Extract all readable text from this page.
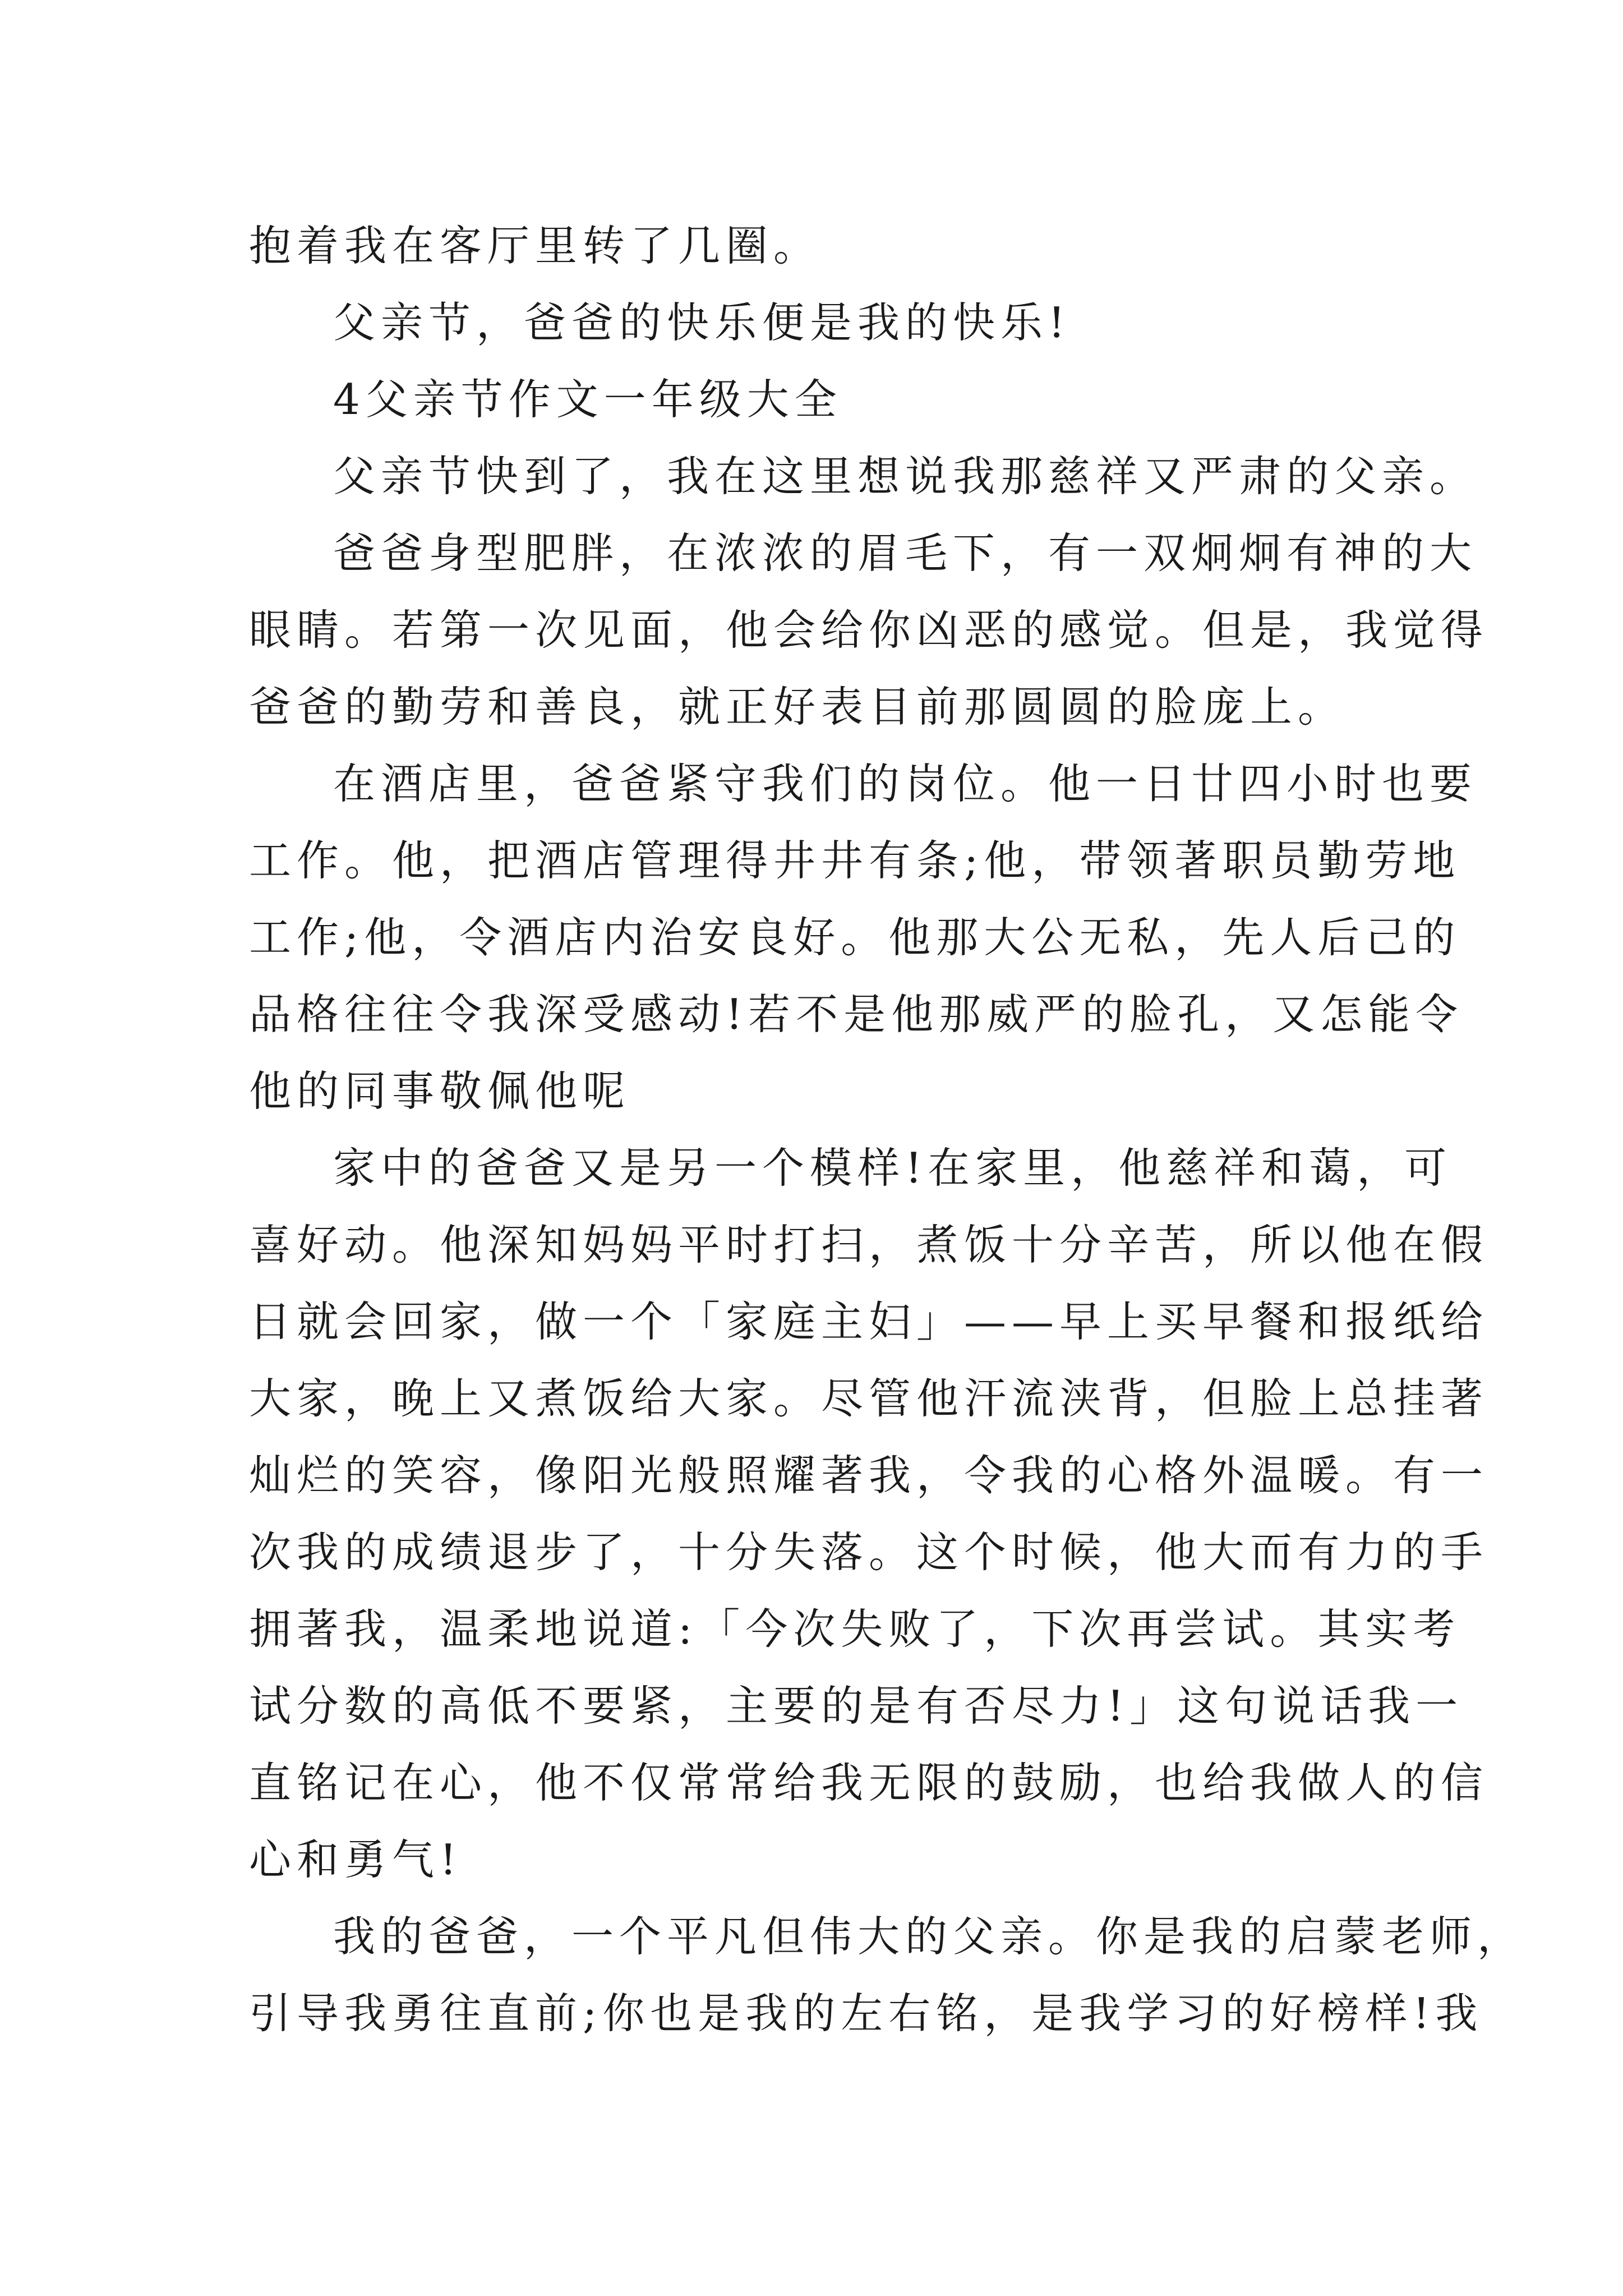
抱着我在客厅里转了几圈。
父亲节，爸爸的快乐便是我的快乐!
4父亲节作文一年级大全
父亲节快到了，我在这里想说我那慈祥又严肃的父亲。
爸爸身型肥胖，在浓浓的眉毛下，有一双炯炯有神的大
眼睛。若第一次见面，他会给你凶恶的感觉。但是，我觉得
爸爸的勤劳和善良，就正好表目前那圆圆的脸庞上。
在酒店里，爸爸紧守我们的岗位。他一日廿四小时也要
工作。他，把酒店管理得井井有条;他，带领著职员勤劳地
工作;他，令酒店内治安良好。他那大公无私，先人后己的
品格往往令我深受感动!若不是他那威严的脸孔，又怎能令
他的同事敬佩他呢
家中的爸爸又是另一个模样!在家里，他慈祥和蔼，可
喜好动。他深知妈妈平时打扫，煮饭十分辛苦，所以他在假
日就会回家，做一个「家庭主妇」——早上买早餐和报纸给
大家，晚上又煮饭给大家。尽管他汗流浃背，但脸上总挂著
灿烂的笑容，像阳光般照耀著我，令我的心格外温暖。有一
次我的成绩退步了，十分失落。这个时候，他大而有力的手
拥著我，温柔地说道:「今次失败了，下次再尝试。其实考
试分数的高低不要紧，主要的是有否尽力!」这句说话我一
直铭记在心，他不仅常常给我无限的鼓励，也给我做人的信
心和勇气!
我的爸爸，一个平凡但伟大的父亲。你是我的启蒙老师，
引导我勇往直前;你也是我的左右铭，是我学习的好榜样!我
